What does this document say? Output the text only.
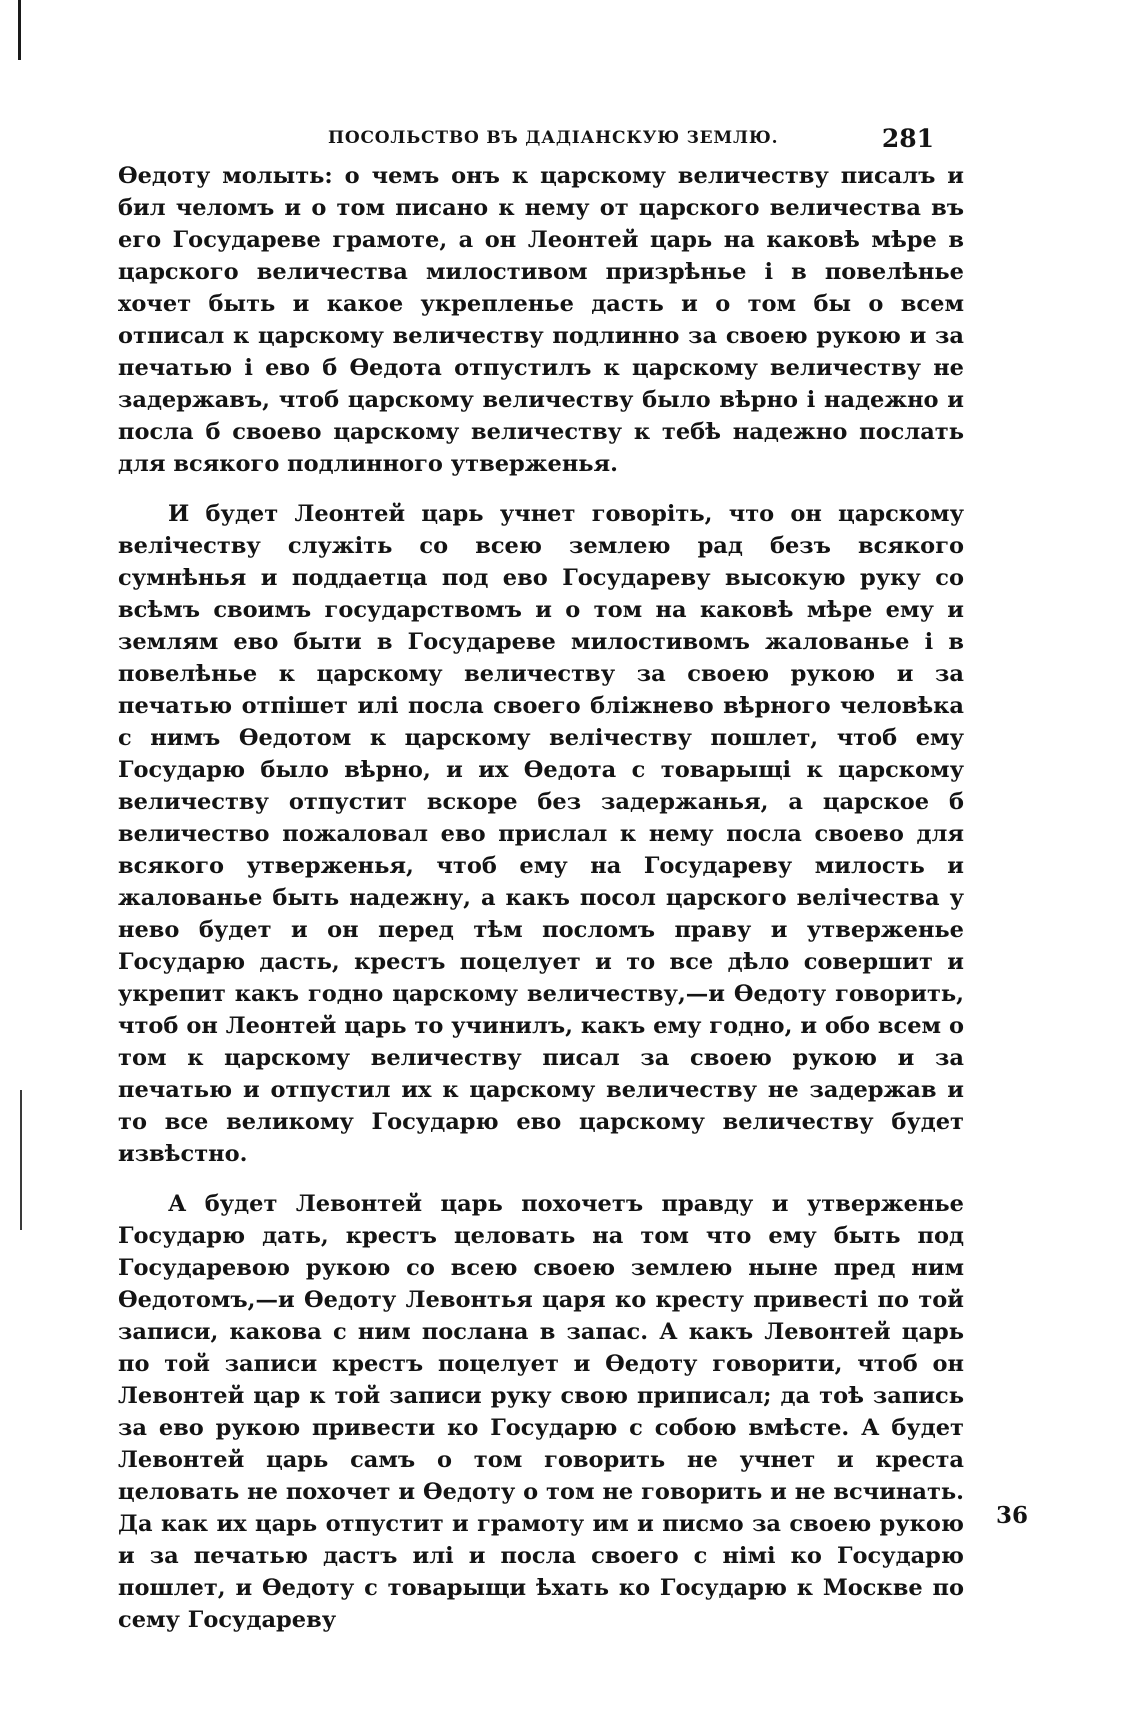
ПОСОЛЬСТВО ВЪ ДАДІАНСКУЮ ЗЕМЛЮ.	281

Ѳедоту молыть: о чемъ онъ к царскому величеству писалъ и бил челомъ и о том писано к нему от царского величества въ его Государеве грамоте, а он Леонтей царь на каковѣ мѣре в царского величества милостивом призрѣнье і в повелѣнье хочет быть и какое укрепленье дасть и о том бы о всем отписал к царскому величеству подлинно за своею рукою и за печатью і ево б Ѳедота отпустилъ к царскому величеству не задержавъ, чтоб царскому величеству было вѣрно і надежно и посла б своево царскому величеству к тебѣ надежно послать для всякого подлинного утверженья.

И будет Леонтей царь учнет говоріть, что он царскому велічеству служіть со всею землею рад безъ всякого сумнѣнья и поддаетца под ево Государеву высокую руку со всѣмъ своимъ государствомъ и о том на каковѣ мѣре ему и землям ево быти в Государеве милостивомъ жалованье і в повелѣнье к царскому величеству за своею рукою и за печатью отпішет илі посла своего бліжнево вѣрного человѣка с нимъ Ѳедотом к царскому велічеству пошлет, чтоб ему Государю было вѣрно, и их Ѳедота с товарыщі к царскому величеству отпустит вскоре без задержанья, а царское б величество пожаловал ево прислал к нему посла своево для всякого утверженья, чтоб ему на Государеву милость и жалованье быть надежну, а какъ посол царского велічества у нево будет и он перед тѣм посломъ праву и утверженье Государю дасть, крестъ поцелует и то все дѣло совершит и укрепит какъ годно царскому величеству,—и Ѳедоту говорить, чтоб он Леонтей царь то учинилъ, какъ ему годно, и обо всем о том к царскому величеству писал за своею рукою и за печатью и отпустил их к царскому величеству не задержав и то все великому Государю ево царскому величеству будет извѣстно.

А будет Левонтей царь похочетъ правду и утверженье Государю дать, крестъ целовать на том что ему быть под Государевою рукою со всею своею землею ныне пред ним Ѳедотомъ,—и Ѳедоту Левонтья царя ко кресту привесті по той записи, какова с ним послана в запас. А какъ Левонтей царь по той записи крестъ поцелует и Ѳедоту говорити, чтоб он Левонтей цар к той записи руку свою приписал; да тоѣ запись за ево рукою привести ко Государю с собою вмѣсте. А будет Левонтей царь самъ о том говорить не учнет и креста целовать не похочет и Ѳедоту о том не говорить и не всчинать. Да как их царь отпустит и грамоту им и писмо за своею рукою и за печатью дастъ илі и посла своего с німі ко Государю пошлет, и Ѳедоту с товарыщи ѣхать ко Государю к Москве по сему Государеву

36
